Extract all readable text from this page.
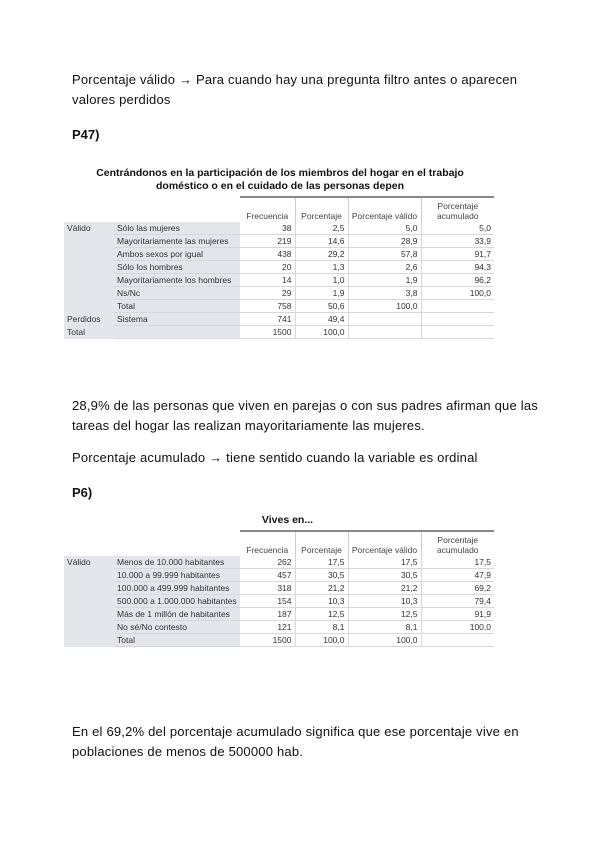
Porcentaje válido → Para cuando hay una pregunta filtro antes o aparecen valores perdidos
P47)
Centrándonos en la participación de los miembros del hogar en el trabajo doméstico o en el cuidado de las personas depen
		Frecuencia	Porcentaje	Porcentaje válido	Porcentaje acumulado
Válido	Sólo las mujeres	38	2,5	5,0	5,0
	Mayoritariamente las mujeres	219	14,6	28,9	33,9
	Ambos sexos por igual	438	29,2	57,8	91,7
	Sólo los hombres	20	1,3	2,6	94,3
	Mayoritariamente los hombres	14	1,0	1,9	96,2
	Ns/Nc	29	1,9	3,8	100,0
	Total	758	50,6	100,0	
Perdidos	Sistema	741	49,4		
Total		1500	100,0		
28,9% de las personas que viven en parejas o con sus padres afirman que las tareas del hogar las realizan mayoritariamente las mujeres.
Porcentaje acumulado → tiene sentido cuando la variable es ordinal
P6)
Vives en...
		Frecuencia	Porcentaje	Porcentaje válido	Porcentaje acumulado
Válido	Menos de 10.000 habitantes	262	17,5	17,5	17,5
	10.000 a 99.999 habitantes	457	30,5	30,5	47,9
	100.000 a 499.999 habitantes	318	21,2	21,2	69,2
	500.000 a 1.000.000 habitantes	154	10,3	10,3	79,4
	Más de 1 millón de habitantes	187	12,5	12,5	91,9
	No sé/No contesto	121	8,1	8,1	100,0
	Total	1500	100,0	100,0	
En el 69,2% del porcentaje acumulado significa que ese porcentaje vive en poblaciones de menos de 500000 hab.
